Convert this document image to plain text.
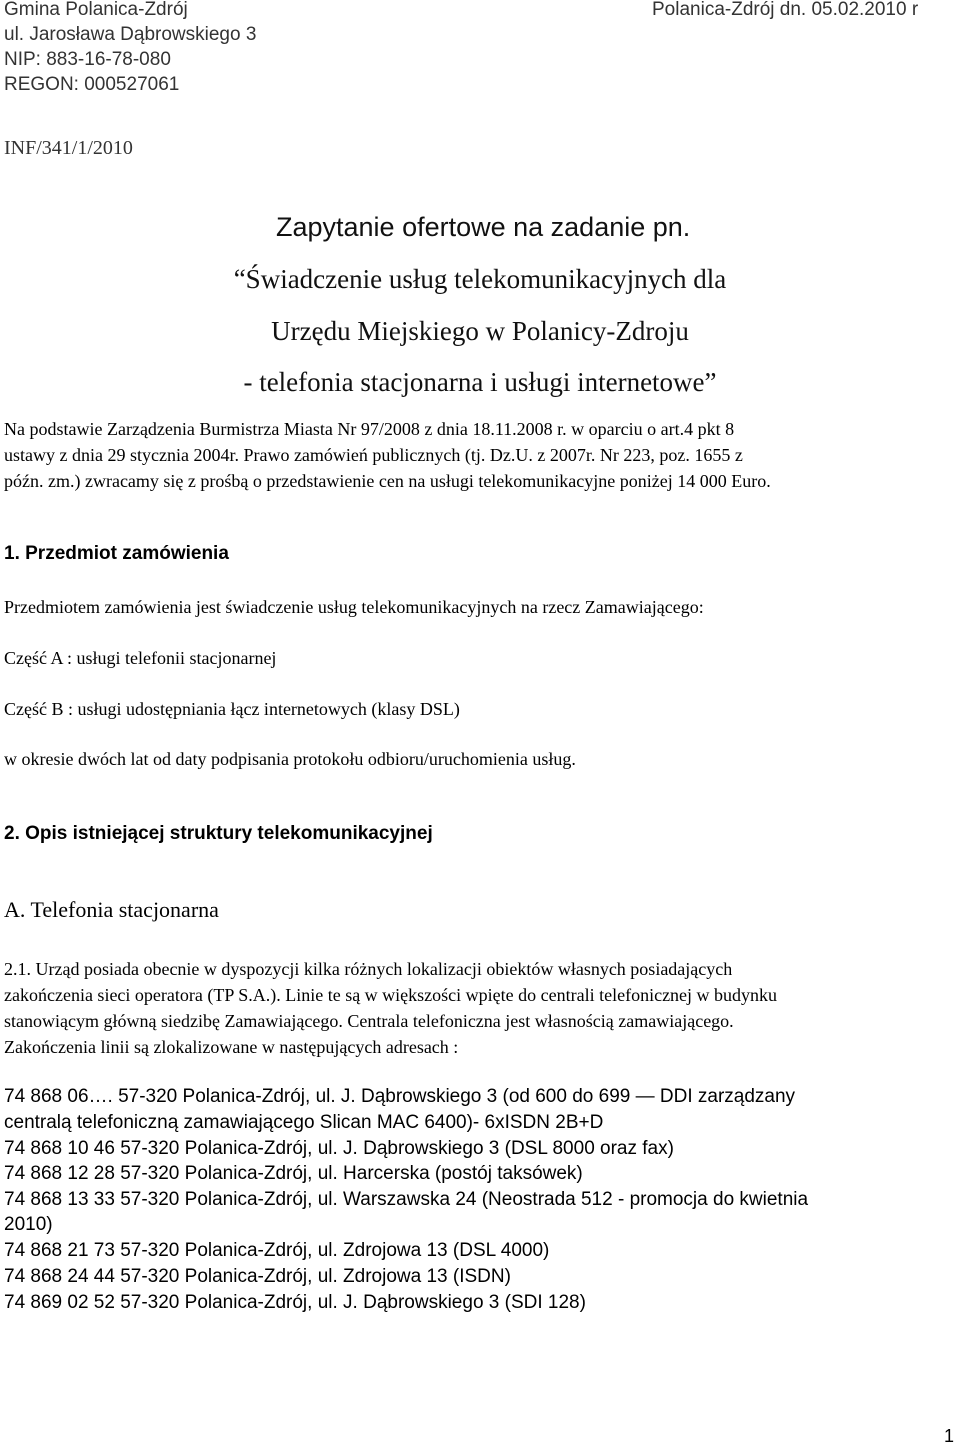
Gmina Polanica-Zdrój
ul. Jarosława Dąbrowskiego 3
NIP: 883-16-78-080
REGON: 000527061
Polanica-Zdrój dn. 05.02.2010 r
INF/341/1/2010
Zapytanie ofertowe na zadanie pn.
“Świadczenie usług telekomunikacyjnych dla
Urzędu Miejskiego w Polanicy-Zdroju
- telefonia stacjonarna i usługi internetowe”
Na podstawie Zarządzenia Burmistrza Miasta Nr 97/2008 z dnia 18.11.2008 r. w oparciu o art.4 pkt 8
ustawy z dnia 29 stycznia 2004r. Prawo zamówień publicznych (tj. Dz.U. z 2007r. Nr 223, poz. 1655 z
późn. zm.) zwracamy się z prośbą o przedstawienie cen na usługi telekomunikacyjne poniżej 14 000 Euro.
1. Przedmiot zamówienia
Przedmiotem zamówienia jest świadczenie usług telekomunikacyjnych na rzecz Zamawiającego:
Część A : usługi telefonii stacjonarnej
Część B : usługi udostępniania łącz internetowych (klasy DSL)
w okresie dwóch lat od daty podpisania protokołu odbioru/uruchomienia usług.
2. Opis istniejącej struktury telekomunikacyjnej
A. Telefonia stacjonarna
2.1. Urząd posiada obecnie w dyspozycji kilka różnych lokalizacji obiektów własnych posiadających
zakończenia sieci operatora (TP S.A.). Linie te są w większości wpięte do centrali telefonicznej w budynku
stanowiącym główną siedzibę Zamawiającego. Centrala telefoniczna jest własnością zamawiającego.
Zakończenia linii są zlokalizowane w następujących adresach :
74 868 06…. 57-320 Polanica-Zdrój, ul. J. Dąbrowskiego 3 (od 600 do 699 — DDI zarządzany
centralą telefoniczną zamawiającego Slican MAC 6400)- 6xISDN 2B+D
74 868 10 46 57-320 Polanica-Zdrój, ul. J. Dąbrowskiego 3 (DSL 8000 oraz fax)
74 868 12 28 57-320 Polanica-Zdrój, ul. Harcerska (postój taksówek)
74 868 13 33 57-320 Polanica-Zdrój, ul. Warszawska 24 (Neostrada 512 - promocja do kwietnia
2010)
74 868 21 73 57-320 Polanica-Zdrój, ul. Zdrojowa 13 (DSL 4000)
74 868 24 44 57-320 Polanica-Zdrój, ul. Zdrojowa 13 (ISDN)
74 869 02 52 57-320 Polanica-Zdrój, ul. J. Dąbrowskiego 3 (SDI 128)
1
